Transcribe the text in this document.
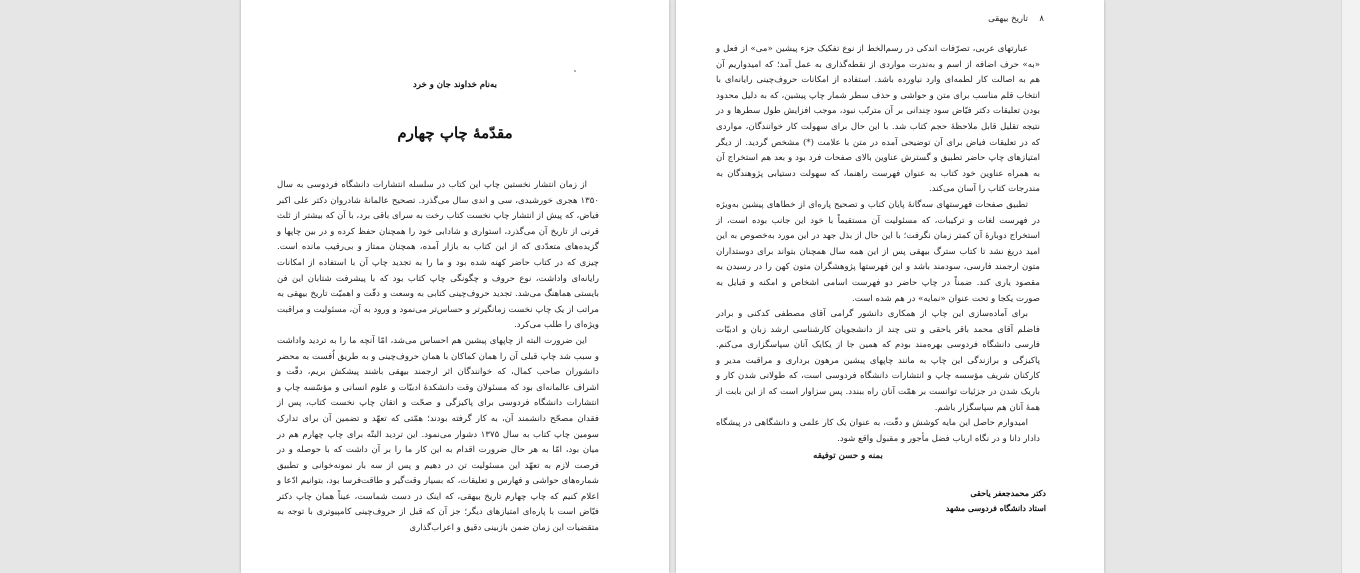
به‌نام خداوند جان و خرد
مقدّمهٔ چاپ چهارم

از زمان انتشار نخستین چاپ این کتاب در سلسله انتشارات دانشگاه فردوسی به سال ۱۳۵۰ هجری خورشیدی، سی و اندی سال می‌گذرد. تصحیح عالمانهٔ شادروان دکتر علی اکبر فیاض، که پیش از انتشار چاپ نخست کتاب رخت به سرای باقی برد، با آن که بیشتر از ثلث قرنی از تاریخ آن می‌گذرد، استواری و شادابی خود را همچنان حفظ کرده و در بین چاپها و گزیده‌های متعدّدی که از این کتاب به بازار آمده، همچنان ممتاز و بی‌رقیب مانده است. چیزی که در کتاب حاضر کهنه شده بود و ما را به تجدید چاپ آن با استفاده از امکانات رایانه‌ای واداشت، نوع حروف و چگونگی چاپ کتاب بود که با پیشرفت شتابان این فن بایستی هماهنگ می‌شد. تجدید حروف‌چینی کتابی به وسعت و دقّت و اهمیّت تاریخ بیهقی به مراتب از یک چاپ نخست زمانگیرتر و حساس‌تر می‌نمود و ورود به آن، مسئولیت و مراقبت ویژه‌ای را طلب می‌کرد.

این ضرورت البته از چاپهای پیشین هم احساس می‌شد، امّا آنچه ما را به تردید واداشت و سبب شد چاپ قبلی آن را همان کماکان با همان حروف‌چینی و به طریق اُفست به محضر دانشوران صاحب کمال، که خوانندگان اثر ارجمند بیهقی باشند پیشکش بریم، دقّت و اشراف عالمانه‌ای بود که مسئولان وقت دانشکدهٔ ادبیّات و علوم انسانی و مؤسّسه چاپ و انتشارات دانشگاه فردوسی برای پاکیزگی و صحّت و اتقان چاپ نخست کتاب، پس از فقدان مصحّح دانشمند آن، به کار گرفته بودند؛ همّتی که تعهّد و تضمین آن برای تدارک سومین چاپ کتاب به سال ۱۳۷۵ دشوار می‌نمود. این تردید البتّه برای چاپ چهارم هم در میان بود، امّا به هر حال ضرورت اقدام به این کار ما را بر آن داشت که با حوصله و در فرصت لازم به تعهّد این مسئولیت تن در دهیم و پس از سه بار نمونه‌خوانی و تطبیق شماره‌های حواشی و فهارس و تعلیقات، که بسیار وقت‌گیر و طاقت‌فرسا بود، بتوانیم ادّعا و اعلام کنیم که چاپ چهارم تاریخ بیهقی، که اینک در دست شماست، عیناً همان چاپ دکتر فیّاض است با پاره‌ای امتیازهای دیگر؛ جز آن که قبل از حروف‌چینی کامپیوتری با توجه به متقضیات این زمان ضمن بازبینی دقیق و اعراب‌گذاری

۸
تاریخ بیهقی

عبارتهای عربی، تصرّفات اندکی در رسم‌الخط از نوع تفکیک جزء پیشین «می» از فعل و «به» حرف اضافه از اسم و به‌ندرت مواردی از نقطه‌گذاری به عمل آمد؛ که امیدواریم آن هم به اصالت کار لطمه‌ای وارد نیاورده باشد. استفاده از امکانات حروف‌چینی رایانه‌ای با انتخاب قلم مناسب برای متن و حواشی و حذف سطر شمار چاپ پیشین، که به دلیل محدود بودن تعلیقات دکتر فیّاض سود چندانی بر آن مترتّب نبود، موجب افزایش طول سطرها و در نتیجه تقلیل قابل ملاحظهٔ حجم کتاب شد. با این حال برای سهولت کار خوانندگان، مواردی که در تعلیقات فیاض برای آن توضیحی آمده در متن با علامت (*) مشخص گردید. از دیگر امتیازهای چاپ حاضر تطبیق و گسترش عناوین بالای صفحات فرد بود و بعد هم استخراج آن به همراه عناوین خود کتاب به عنوان فهرست راهنما، که سهولت دستیابی پژوهندگان به مندرجات کتاب را آسان می‌کند.

تطبیق صفحات فهرستهای سه‌گانهٔ پایان کتاب و تصحیح پاره‌ای از خطاهای پیشین به‌ویژه در فهرست لغات و ترکیبات، که مسئولیت آن مستقیماً با خود این جانب بوده است، از استخراج دوبارهٔ آن کمتر زمان نگرفت؛ با این حال از بذل جهد در این مورد به‌خصوص به این امید دریغ نشد تا کتاب سترگ بیهقی پس از این همه سال همچنان بتواند برای دوستداران متون ارجمند فارسی، سودمند باشد و این فهرستها پژوهشگران متون کهن را در رسیدن به مقصود یاری کند. ضمناً در چاپ حاضر دو فهرست اسامی اشخاص و امکنه و قبایل به صورت یکجا و تحت عنوان «نمایه» در هم شده است.

برای آماده‌سازی این چاپ از همکاری دانشور گرامی آقای مصطفی کدکنی و برادر فاضلم آقای محمد باقر یاحقی و تنی چند از دانشجویان کارشناسی ارشد زبان و ادبیّات فارسی دانشگاه فردوسی بهره‌مند بودم که همین جا از یکایک آنان سپاسگزاری می‌کنم. پاکیزگی و برازندگی این چاپ به مانند چاپهای پیشین مرهون برداری و مراقبت مدیر و کارکنان شریف مؤسسه چاپ و انتشارات دانشگاه فردوسی است، که طولانی شدن کار و باریک شدن در جزئیات توانست بر همّت آنان راه ببندد. پس سزاوار است که از این بابت از همهٔ آنان هم سپاسگزار باشم.

امیدوارم حاصل این مایه کوشش و دقّت، به عنوان یک کار علمی و دانشگاهی در پیشگاه دادار دانا و در نگاه ارباب فضل مأجور و مقبول واقع شود.

بمنه و حسن توفیقه

دکتر محمدجعفر یاحقی
استاد دانشگاه فردوسی مشهد
